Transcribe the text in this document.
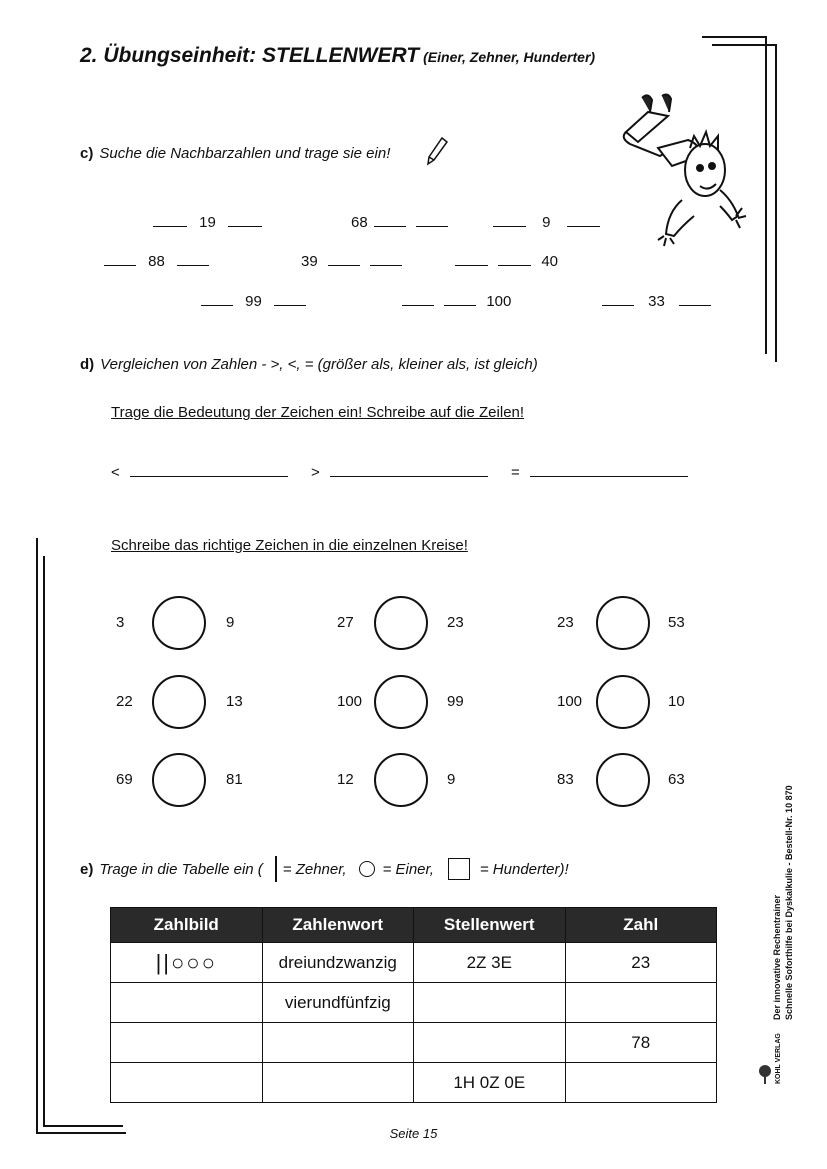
2. Übungseinheit: STELLENWERT (Einer, Zehner, Hunderter)
c) Suche die Nachbarzahlen und trage sie ein!
19	68	9
88	39	40
99	100	33
d) Vergleichen von Zahlen - >, <, = (größer als, kleiner als, ist gleich)
Trage die Bedeutung der Zeichen ein! Schreibe auf die Zeilen!
<	>	=
Schreibe das richtige Zeichen in die einzelnen Kreise!
3	9	27	23	23	53
22	13	100	99	100	10
69	81	12	9	83	63
e) Trage in die Tabelle ein ( = Zehner, = Einer,	= Hunderter)!
Zahlbild	Zahlenwort	Stellenwert	Zahl
||○○○	dreiundzwanzig	2Z 3E	23
	vierundfünfzig		
			78
		1H 0Z 0E	
Der innovative Rechentrainer Schnelle Soforthilfe bei Dyskalkulie - Bestell-Nr. 10 870
KOHL VERLAG
Seite 15
